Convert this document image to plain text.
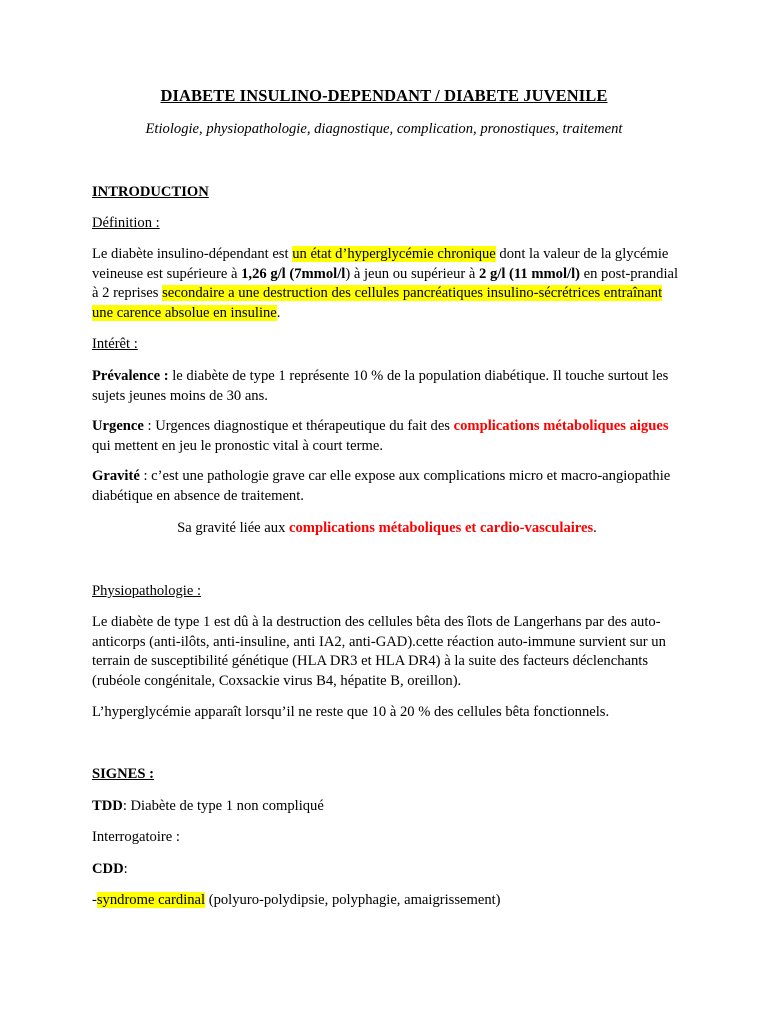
DIABETE INSULINO-DEPENDANT / DIABETE JUVENILE
Etiologie, physiopathologie, diagnostique, complication, pronostiques, traitement
INTRODUCTION
Définition :
Le diabète insulino-dépendant est un état d’hyperglycémie chronique dont la valeur de la glycémie veineuse est supérieure à 1,26 g/l (7mmol/l) à jeun ou supérieur à 2 g/l (11 mmol/l) en post-prandial à 2 reprises secondaire a une destruction des cellules pancréatiques insulino-sécrétrices entraînant une carence absolue en insuline.
Intérêt :
Prévalence : le diabète de type 1 représente 10 % de la population diabétique. Il touche surtout les sujets jeunes moins de 30 ans.
Urgence : Urgences diagnostique et thérapeutique du fait des complications métaboliques aigues qui mettent en jeu le pronostic vital à court terme.
Gravité : c’est une pathologie grave car elle expose aux complications micro et macro-angiopathie diabétique en absence de traitement.
Sa gravité liée aux complications métaboliques et cardio-vasculaires.
Physiopathologie :
Le diabète de type 1 est dû à la destruction des cellules bêta des îlots de Langerhans par des auto-anticorps (anti-ilôts, anti-insuline, anti IA2, anti-GAD).cette réaction auto-immune survient sur un terrain de susceptibilité génétique (HLA DR3 et HLA DR4) à la suite des facteurs déclenchants (rubéole congénitale, Coxsackie virus B4, hépatite B, oreillon).
L’hyperglycémie apparaît lorsqu’il ne reste que 10 à 20 % des cellules bêta fonctionnels.
SIGNES :
TDD: Diabète de type 1 non compliqué
Interrogatoire :
CDD:
-syndrome cardinal (polyuro-polydipsie, polyphagie, amaigrissement)
